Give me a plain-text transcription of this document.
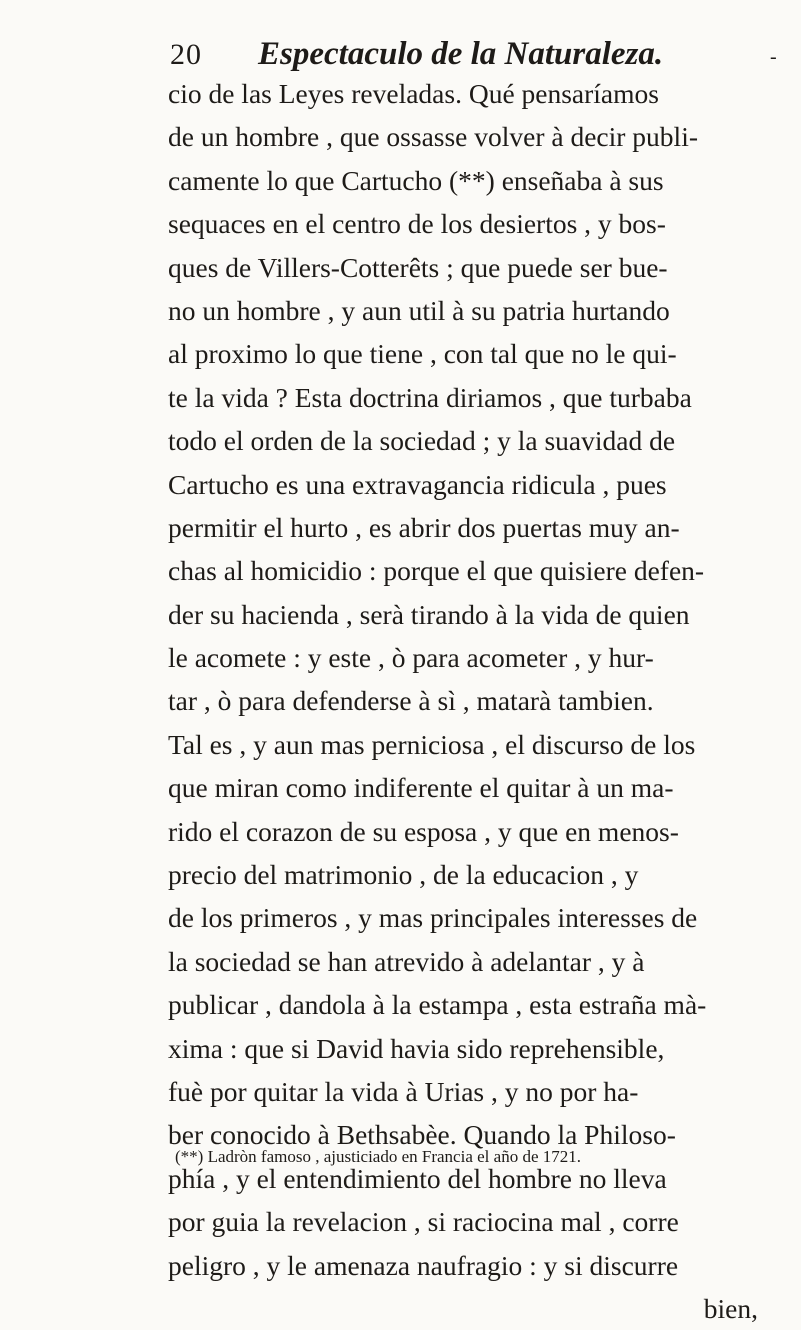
20 Espectaculo de la Naturaleza.	-
cio de las Leyes reveladas. Qué pensaríamos
de un hombre , que ossasse volver à decir publi-
camente lo que Cartucho (**) enseñaba à sus
sequaces en el centro de los desiertos , y bos-
ques de Villers-Cotterêts ; que puede ser bue-
no un hombre , y aun util à su patria hurtando
al proximo lo que tiene , con tal que no le qui-
te la vida ? Esta doctrina diriamos , que turbaba
todo el orden de la sociedad ; y la suavidad de
Cartucho es una extravagancia ridicula , pues
permitir el hurto , es abrir dos puertas muy an-
chas al homicidio : porque el que quisiere defen-
der su hacienda , serà tirando à la vida de quien
le acomete : y este , ò para acometer , y hur-
tar , ò para defenderse à sì , matarà tambien.
Tal es , y aun mas perniciosa , el discurso de los
que miran como indiferente el quitar à un ma-
rido el corazon de su esposa , y que en menos-
precio del matrimonio , de la educacion , y
de los primeros , y mas principales interesses de
la sociedad se han atrevido à adelantar , y à
publicar , dandola à la estampa , esta estraña mà-
xima : que si David havia sido reprehensible,
fuè por quitar la vida à Urias , y no por ha-
ber conocido à Bethsabèe. Quando la Philoso-
phía , y el entendimiento del hombre no lleva
por guia la revelacion , si raciocina mal , corre
peligro , y le amenaza naufragio : y si discurre
bien,
(**) Ladròn famoso , ajusticiado en Francia el año de 1721.
